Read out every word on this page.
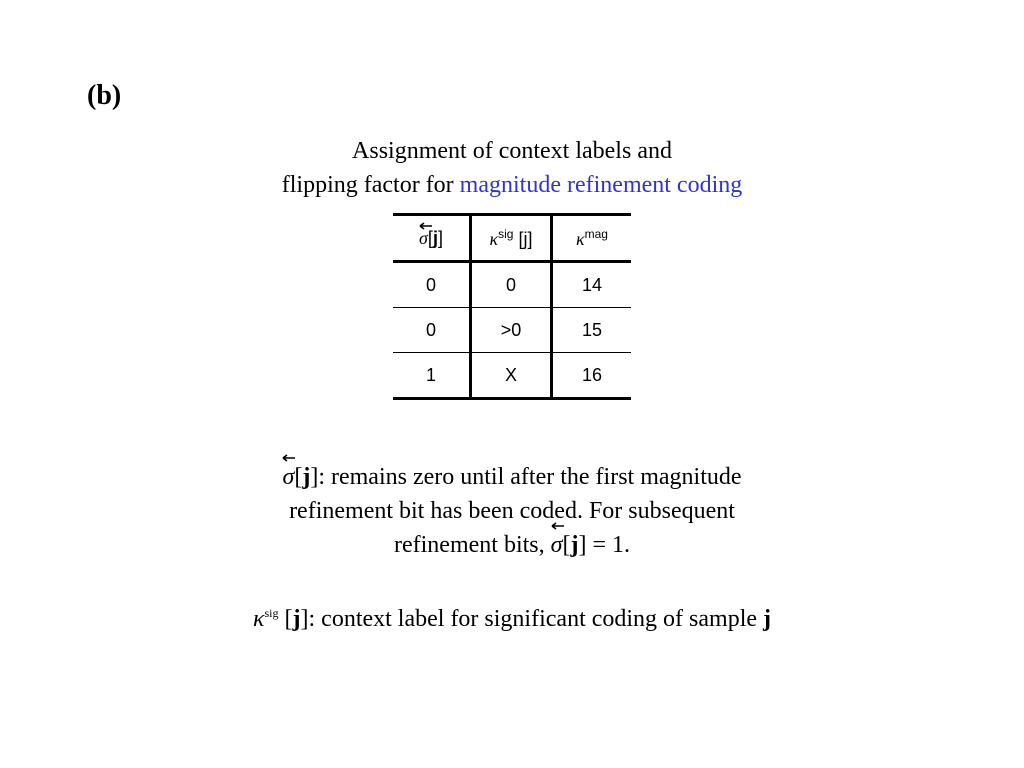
(b)
Assignment of context labels and
flipping factor for magnitude refinement coding
σ[j]	$\kappa^{sig}$ [j]	$\kappa^{mag}$
0	0	14
0	>0	15
1	X	16
σ[j]: remains zero until after the first magnitude
refinement bit has been coded. For subsequent
refinement bits,
σ[j] = 1.
$\kappa^{sig}$ [j]: context label for significant coding of sample j
